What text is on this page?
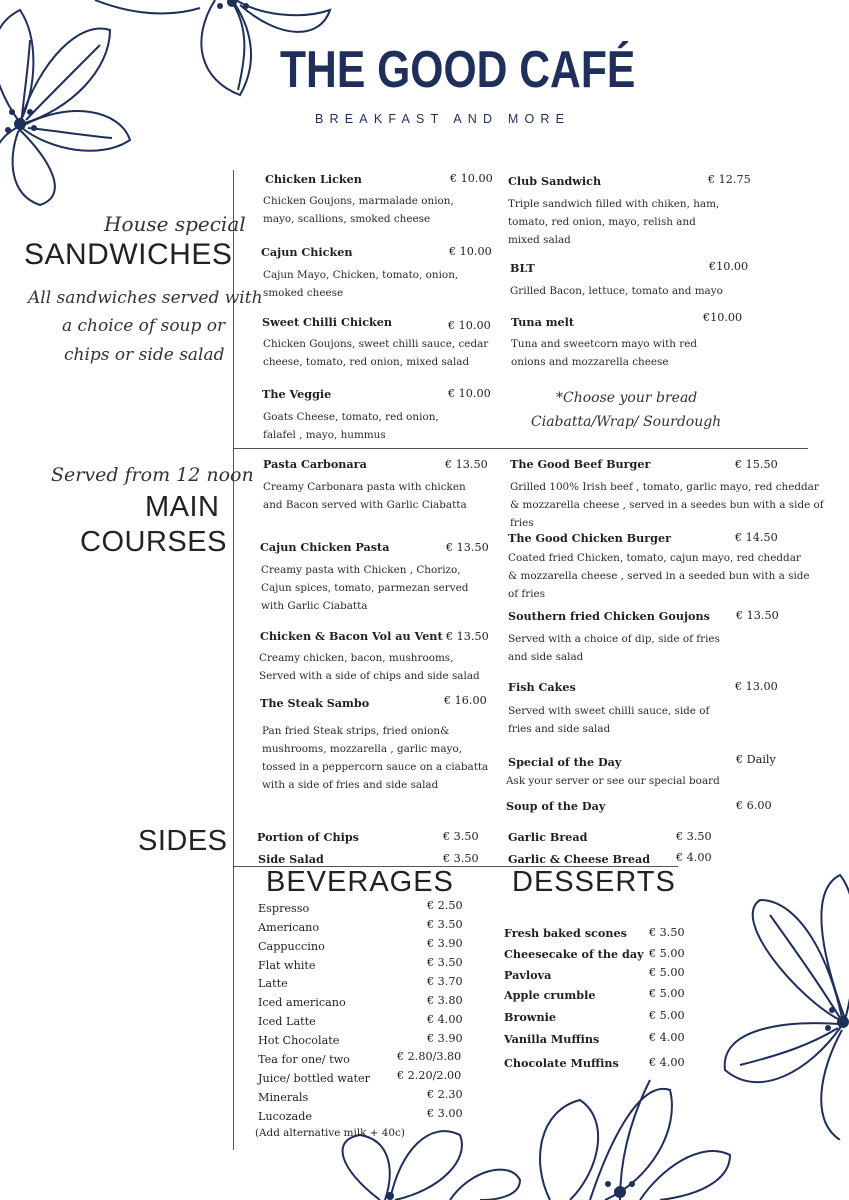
THE GOOD CAFÉ
BREAKFAST AND MORE
House special
SANDWICHES
All sandwiches served with
a choice of soup or
chips or side salad
Chicken Licken	€ 10.00
Chicken Goujons, marmalade onion,
mayo, scallions, smoked cheese
Cajun Chicken	€ 10.00
Cajun Mayo, Chicken, tomato, onion,
smoked cheese
Sweet Chilli Chicken	€ 10.00
Chicken Goujons, sweet chilli sauce, cedar
cheese, tomato, red onion, mixed salad
The Veggie	€ 10.00
Goats Cheese, tomato, red onion,
falafel , mayo, hummus
Club Sandwich	€ 12.75
Triple sandwich filled with chiken, ham,
tomato, red onion, mayo, relish and
mixed salad
BLT	€10.00
Grilled Bacon, lettuce, tomato and mayo
Tuna melt	€10.00
Tuna and sweetcorn mayo with red
onions and mozzarella cheese
*Choose your bread
Ciabatta/Wrap/ Sourdough
Served from 12 noon
MAIN
COURSES
Pasta Carbonara	€ 13.50
Creamy Carbonara pasta with chicken
and Bacon served with Garlic Ciabatta
Cajun Chicken Pasta	€ 13.50
Creamy pasta with Chicken , Chorizo,
Cajun spices, tomato, parmezan served
with Garlic Ciabatta
Chicken & Bacon Vol au Vent € 13.50
Creamy chicken, bacon, mushrooms,
Served with a side of chips and side salad
The Steak Sambo	€ 16.00
Pan fried Steak strips, fried onion&
mushrooms, mozzarella , garlic mayo,
tossed in a peppercorn sauce on a ciabatta
with a side of fries and side salad
The Good Beef Burger	€ 15.50
Grilled 100% Irish beef , tomato, garlic mayo, red cheddar
& mozzarella cheese , served in a seedes bun with a side of
fries
The Good Chicken Burger	€ 14.50
Coated fried Chicken, tomato, cajun mayo, red cheddar
& mozzarella cheese , served in a seeded bun with a side
of fries
Southern fried Chicken Goujons € 13.50
Served with a choice of dip, side of fries
and side salad
Fish Cakes	€ 13.00
Served with sweet chilli sauce, side of
fries and side salad
Special of the Day	€ Daily
Ask your server or see our special board
Soup of the Day	€ 6.00
SIDES	Portion of Chips	€ 3.50
Side Salad	€ 3.50
Garlic Bread	€ 3.50
Garlic & Cheese Bread € 4.00
BEVERAGES
Espresso	€ 2.50
Americano	€ 3.50
Cappuccino	€ 3.90
Flat white	€ 3.50
Latte	€ 3.70
Iced americano	€ 3.80
Iced Latte	€ 4.00
Hot Chocolate	€ 3.90
Tea for one/ two	€ 2.80/3.80
Juice/ bottled water € 2.20/2.00
Minerals	€ 2.30
Lucozade	€ 3.00
(Add alternative milk + 40c)
DESSERTS
Fresh baked scones € 3.50
Cheesecake of the day € 5.00
Pavlova	€ 5.00
Apple crumble	€ 5.00
Brownie	€ 5.00
Vanilla Muffins	€ 4.00
Chocolate Muffins	€ 4.00
